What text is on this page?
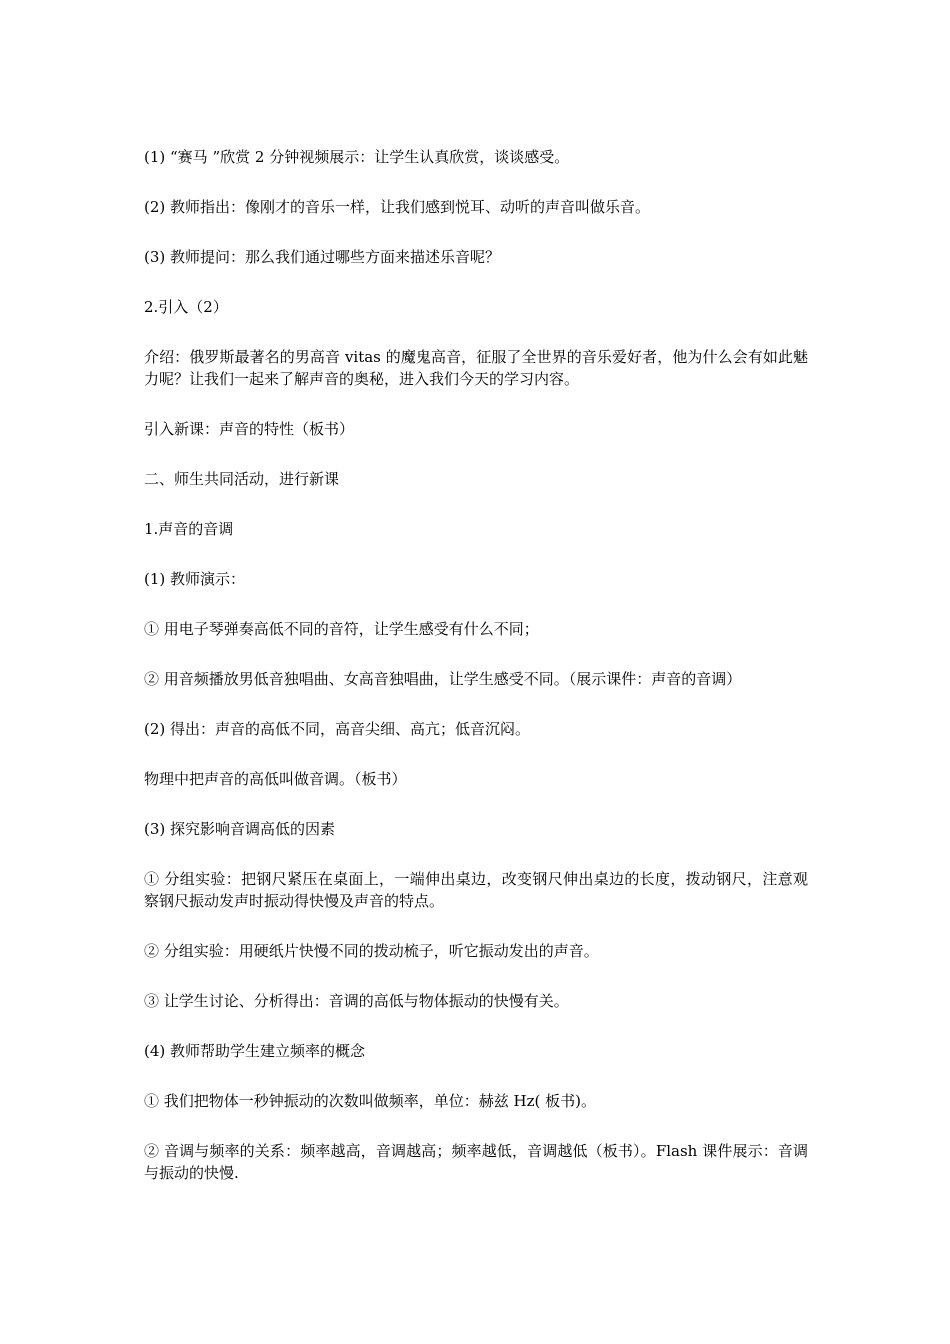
(1) “赛马 ”欣赏 2 分钟视频展示：让学生认真欣赏，谈谈感受。

(2) 教师指出：像刚才的音乐一样，让我们感到悦耳、动听的声音叫做乐音。

(3) 教师提问：那么我们通过哪些方面来描述乐音呢？

2.引入（2）

介绍：俄罗斯最著名的男高音 vitas 的魔鬼高音，征服了全世界的音乐爱好者，他为什么会有如此魅力呢？让我们一起来了解声音的奥秘，进入我们今天的学习内容。

引入新课：声音的特性（板书）

二、师生共同活动，进行新课

1.声音的音调

(1) 教师演示：

① 用电子琴弹奏高低不同的音符，让学生感受有什么不同；

② 用音频播放男低音独唱曲、女高音独唱曲，让学生感受不同。（展示课件：声音的音调）

(2) 得出：声音的高低不同，高音尖细、高亢；低音沉闷。

物理中把声音的高低叫做音调。（板书）

(3) 探究影响音调高低的因素

① 分组实验：把钢尺紧压在桌面上，一端伸出桌边，改变钢尺伸出桌边的长度，拨动钢尺，注意观察钢尺振动发声时振动得快慢及声音的特点。

② 分组实验：用硬纸片快慢不同的拨动梳子，听它振动发出的声音。

③ 让学生讨论、分析得出：音调的高低与物体振动的快慢有关。

(4) 教师帮助学生建立频率的概念

① 我们把物体一秒钟振动的次数叫做频率，单位：赫兹 Hz( 板书)。

② 音调与频率的关系：频率越高，音调越高；频率越低，音调越低（板书）。Flash 课件展示：音调与振动的快慢.
